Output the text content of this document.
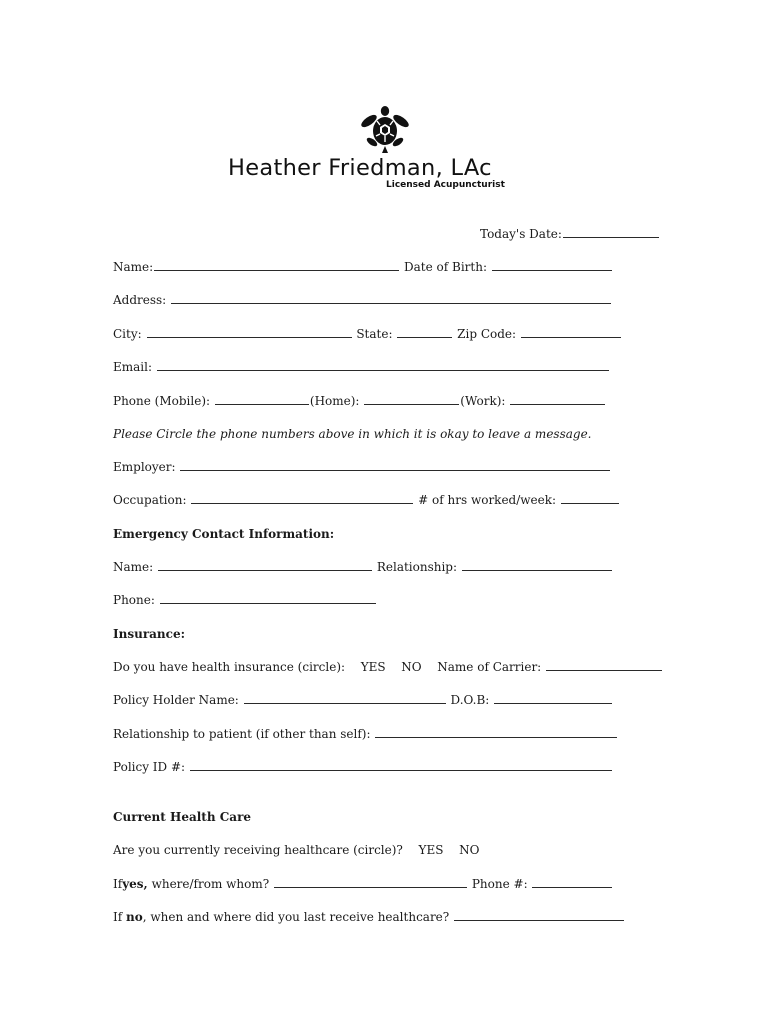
Heather Friedman, LAc
Licensed Acupuncturist
Today's Date:
Name:	Date of Birth:
Address:
City:	State:	Zip Code:
Email:
Phone (Mobile):	(Home):	(Work):
Please Circle the phone numbers above in which it is okay to leave a message.
Employer:
Occupation:	# of hrs worked/week:
Emergency Contact Information:
Name:	Relationship:
Phone:
Insurance:
Do you have health insurance (circle): YES NO Name of Carrier:
Policy Holder Name:	D.O.B:
Relationship to patient (if other than self):
Policy ID #:
Current Health Care
Are you currently receiving healthcare (circle)? YES NO
Ifyes, where/from whom?	Phone #:
If no, when and where did you last receive healthcare?
